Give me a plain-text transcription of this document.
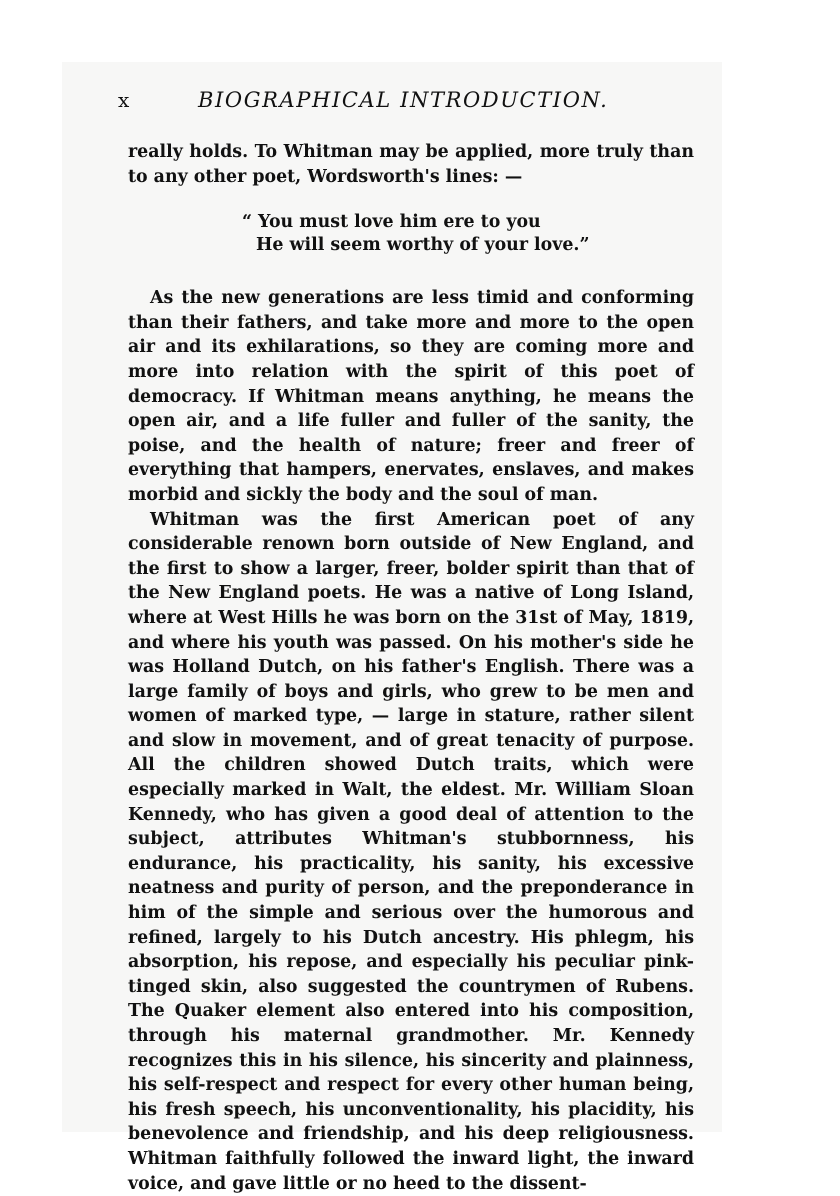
x	BIOGRAPHICAL INTRODUCTION.

really holds. To Whitman may be applied, more truly than to any other poet, Wordsworth's lines: —

“ You must love him ere to you
He will seem worthy of your love.”

As the new generations are less timid and conforming than their fathers, and take more and more to the open air and its exhilarations, so they are coming more and more into relation with the spirit of this poet of democracy. If Whitman means anything, he means the open air, and a life fuller and fuller of the sanity, the poise, and the health of nature; freer and freer of everything that hampers, enervates, enslaves, and makes morbid and sickly the body and the soul of man.

Whitman was the first American poet of any considerable renown born outside of New England, and the first to show a larger, freer, bolder spirit than that of the New England poets. He was a native of Long Island, where at West Hills he was born on the 31st of May, 1819, and where his youth was passed. On his mother's side he was Holland Dutch, on his father's English. There was a large family of boys and girls, who grew to be men and women of marked type, — large in stature, rather silent and slow in movement, and of great tenacity of purpose. All the children showed Dutch traits, which were especially marked in Walt, the eldest. Mr. William Sloan Kennedy, who has given a good deal of attention to the subject, attributes Whitman's stubbornness, his endurance, his practicality, his sanity, his excessive neatness and purity of person, and the preponderance in him of the simple and serious over the humorous and refined, largely to his Dutch ancestry. His phlegm, his absorption, his repose, and especially his peculiar pink-tinged skin, also suggested the countrymen of Rubens. The Quaker element also entered into his composition, through his maternal grandmother. Mr. Kennedy recognizes this in his silence, his sincerity and plainness, his self-respect and respect for every other human being, his fresh speech, his unconventionality, his placidity, his benevolence and friendship, and his deep religiousness. Whitman faithfully followed the inward light, the inward voice, and gave little or no heed to the dissent-
